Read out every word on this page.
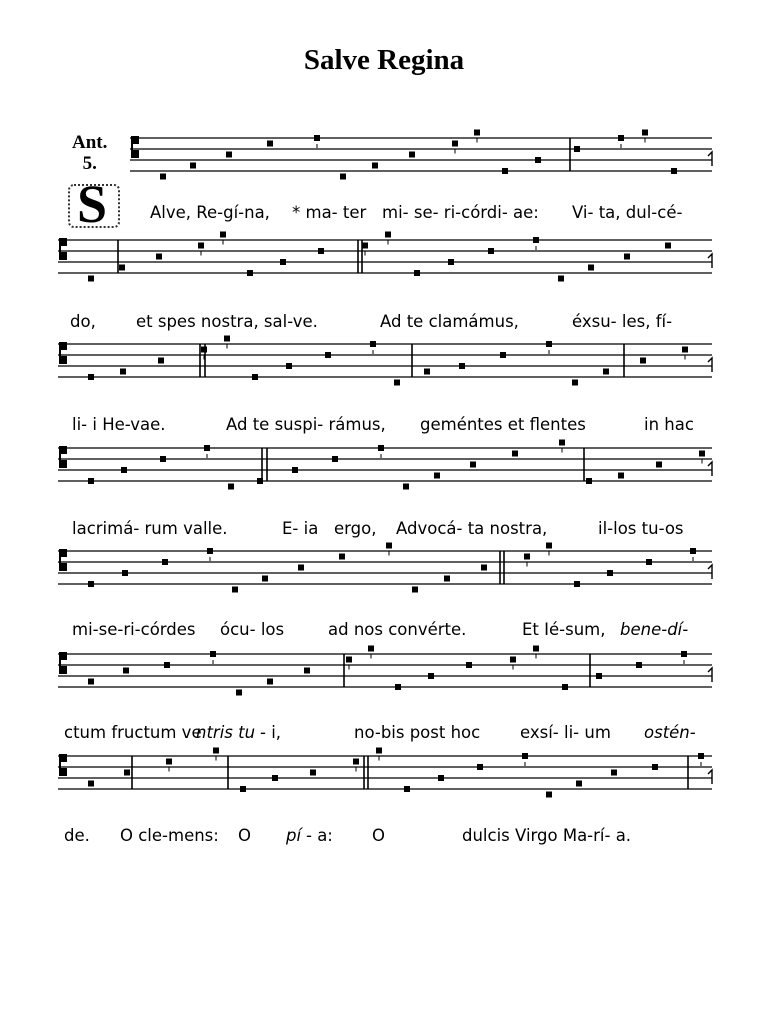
Salve Regina
Ant.
5.
S	Alve, Re-gí-na, * ma- ter mi- se- ri-córdi- ae: Vi- ta, dul-cé-
do, et spes nostra, sal-ve.	Ad te clamámus,	éxsu- les, fí-
li- i He-vae.	Ad te suspi- rámus, geméntes et flentes	in hac
lacrimá- rum valle.	E- ia ergo, Advocá- ta nostra,	il-los tu-os
mi-se-ri-córdes ócu- los	ad nos convérte.	Et Ié-sum, bene-dí-
ctum fructum ve
ntris tu - i,	no-bis post hoc exsí- li- um ostén-
de. O cle-mens: O pí - a: O	dulcis Virgo Ma-rí- a.
